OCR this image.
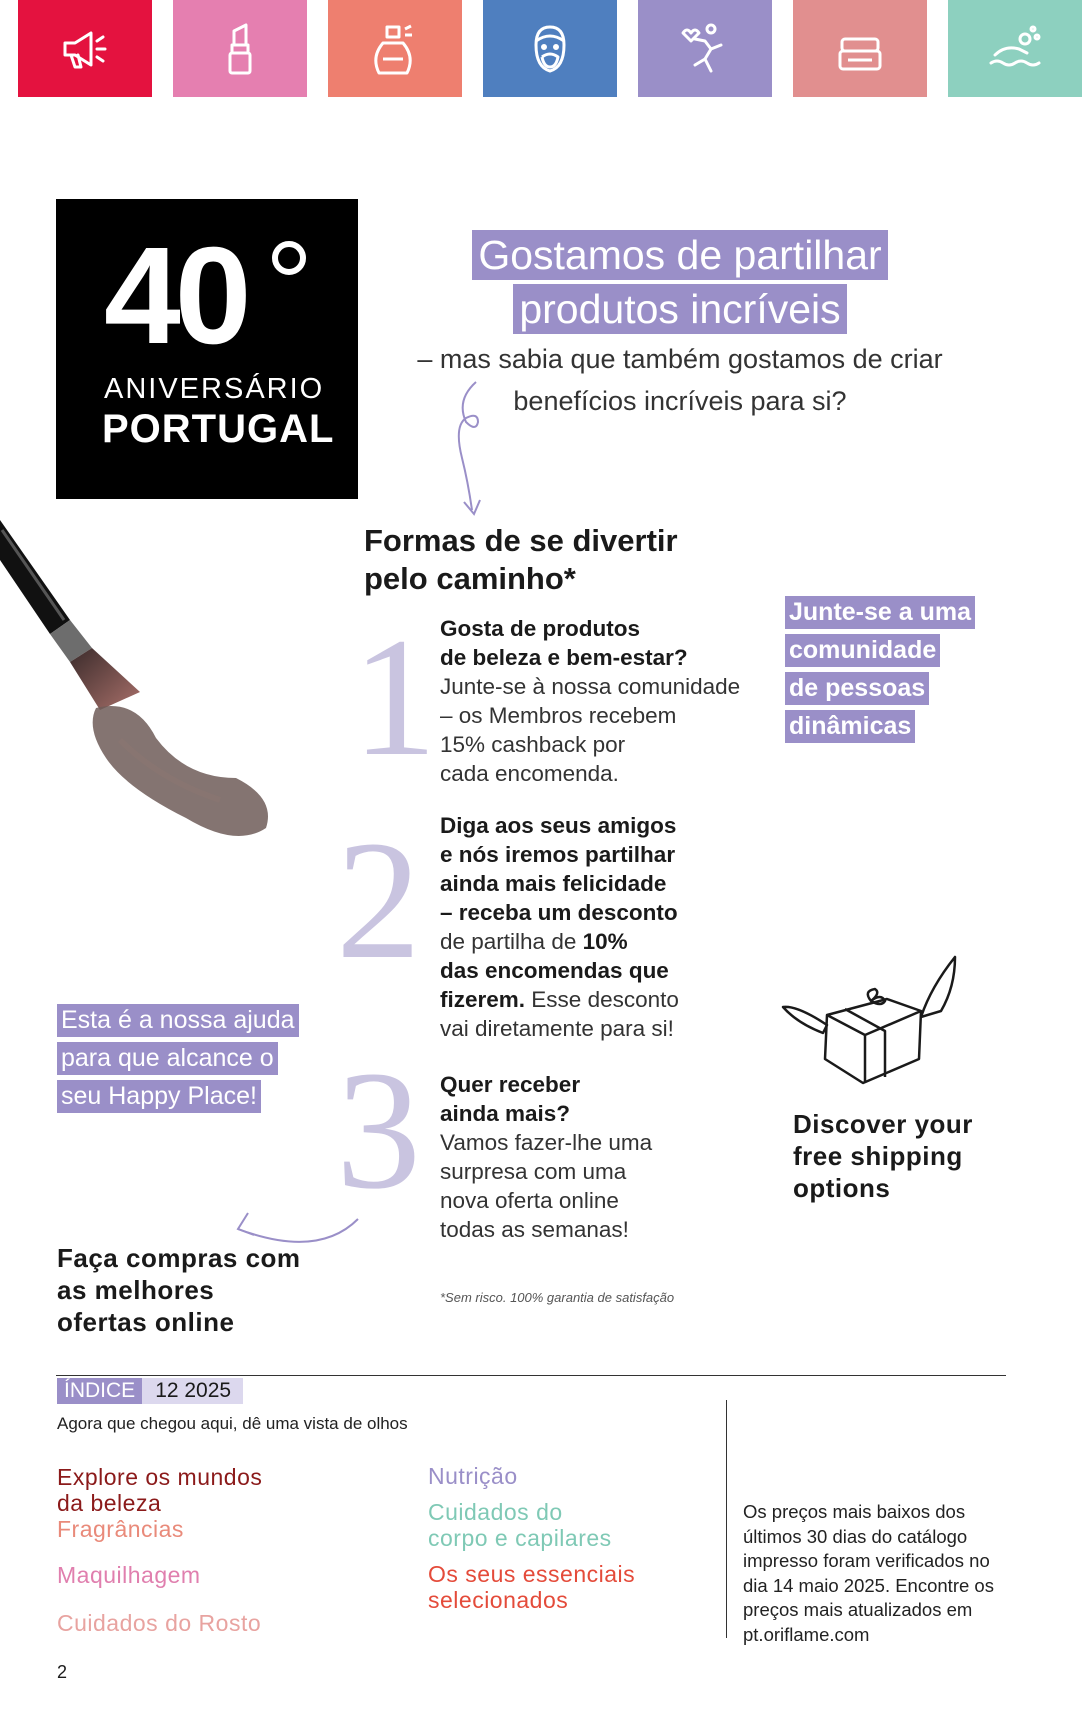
40
ANIVERSÁRIO
PORTUGAL
Gostamos de partilhar
produtos incríveis
– mas sabia que também gostamos de criar
benefícios incríveis para si?
Formas de se divertir
pelo caminho*
1 Gosta de produtos
de beleza e bem-estar?
Junte-se à nossa comunidade
– os Membros recebem
15% cashback por
cada encomenda.
2 Diga aos seus amigos
e nós iremos partilhar
ainda mais felicidade
– receba um desconto
de partilha de 10%
das encomendas que
fizerem. Esse desconto
vai diretamente para si!
3 Quer receber
ainda mais?
Vamos fazer-lhe uma
surpresa com uma
nova oferta online
todas as semanas!
Junte-se a uma
comunidade
de pessoas
dinâmicas
Esta é a nossa ajuda
para que alcance o
seu Happy Place!
Discover your
free shipping
options
Faça compras com
as melhores
ofertas online
*Sem risco. 100% garantia de satisfação
ÍNDICE 12 2025
Agora que chegou aqui, dê uma vista de olhos
Explore os mundos da beleza
Fragrâncias
Maquilhagem
Cuidados do Rosto
Nutrição
Cuidados do corpo e capilares
Os seus essenciais selecionados
Os preços mais baixos dos últimos 30 dias do catálogo impresso foram verificados no dia 14 maio 2025. Encontre os preços mais atualizados em pt.oriflame.com
2
